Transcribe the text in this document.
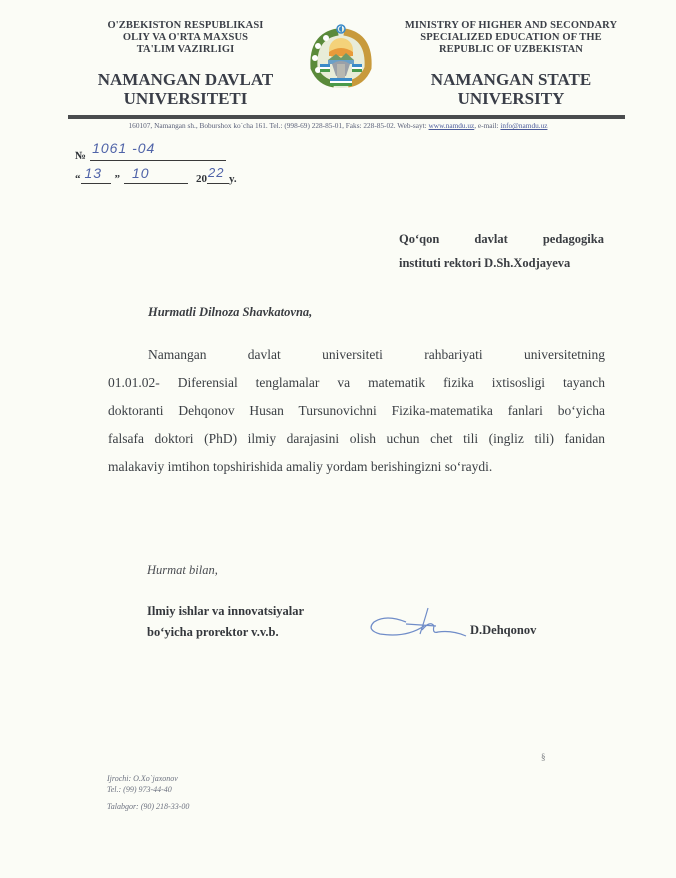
O'ZBEKISTON RESPUBLIKASI
OLIY VA O'RTA MAXSUS
TA'LIM VAZIRLIGI
NAMANGAN DAVLAT
UNIVERSITETI
MINISTRY OF HIGHER AND SECONDARY
SPECIALIZED EDUCATION OF THE
REPUBLIC OF UZBEKISTAN
NAMANGAN STATE
UNIVERSITY
160107, Namangan sh., Boburshox ko`cha 161. Tel.: (998-69) 228-85-01, Faks: 228-85-02. Web-sayt: www.namdu.uz, e-mail: info@namdu.uz
№ 1061 -04
“ 13 ” 10	20 22 y.
Qo‘qon	davlat	pedagogika
instituti rektori D.Sh.Xodjayeva
Hurmatli Dilnoza Shavkatovna,
Namangan davlat universiteti rahbariyati universitetning
01.01.02- Diferensial tenglamalar va matematik fizika ixtisosligi tayanch
doktoranti Dehqonov Husan Tursunovichni Fizika-matematika fanlari bo‘yicha
falsafa doktori (PhD) ilmiy darajasini olish uchun chet tili (ingliz tili) fanidan
malakaviy imtihon topshirishida amaliy yordam berishingizni so‘raydi.
Hurmat bilan,
Ilmiy ishlar va innovatsiyalar
bo‘yicha prorektor v.v.b.	D.Dehqonov
§
Ijrochi: O.Xo`jaxonov
Tel.: (99) 973-44-40
Talabgor: (90) 218-33-00
